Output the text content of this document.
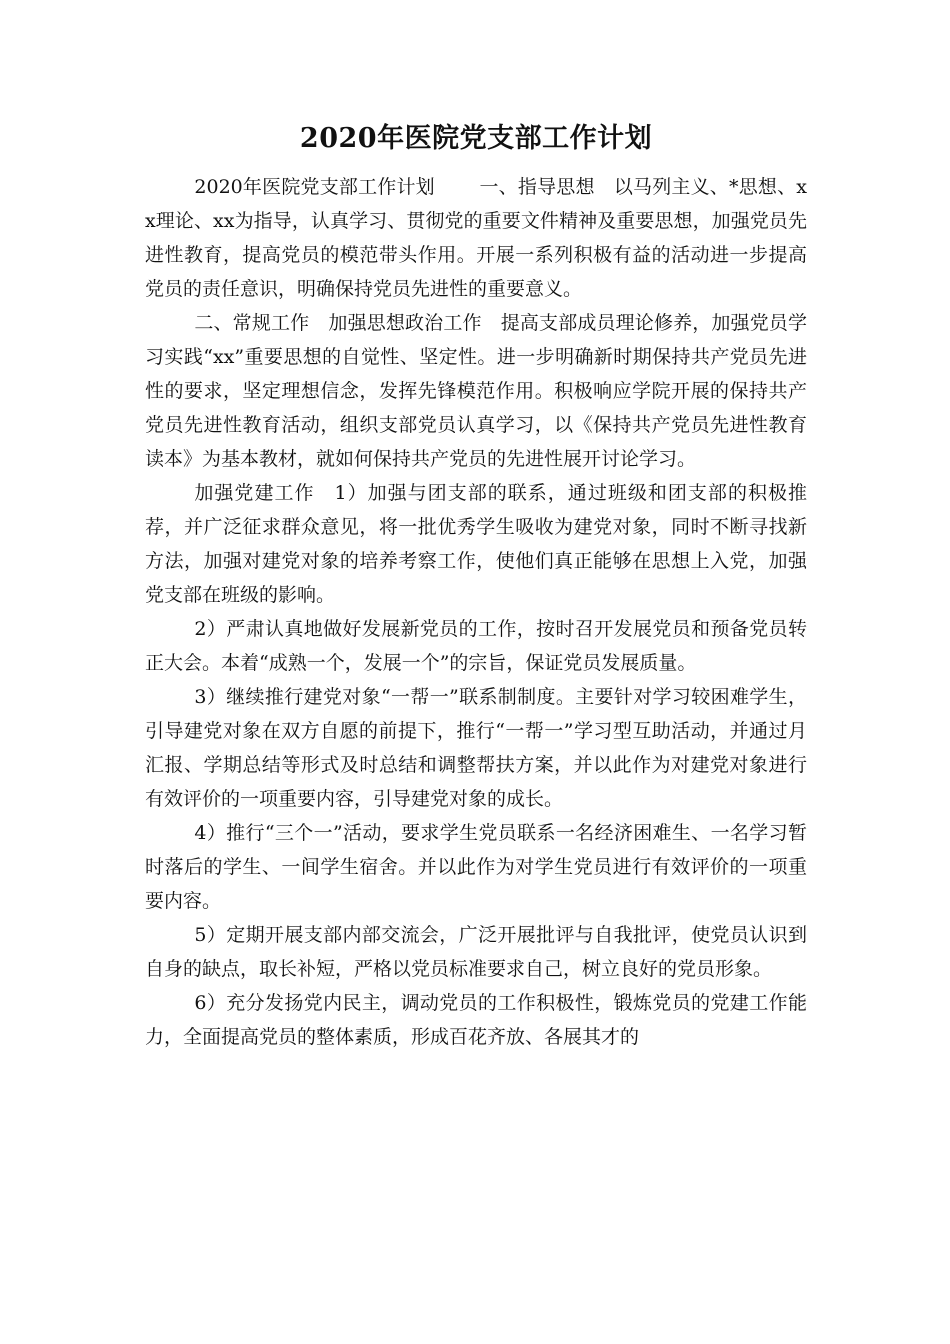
2020年医院党支部工作计划

2020年医院党支部工作计划　　 一、指导思想　以马列主义、*思想、xx理论、xx为指导，认真学习、贯彻党的重要文件精神及重要思想，加强党员先进性教育，提高党员的模范带头作用。开展一系列积极有益的活动进一步提高党员的责任意识，明确保持党员先进性的重要意义。

二、常规工作　加强思想政治工作　提高支部成员理论修养，加强党员学习实践“xx”重要思想的自觉性、坚定性。进一步明确新时期保持共产党员先进性的要求，坚定理想信念，发挥先锋模范作用。积极响应学院开展的保持共产党员先进性教育活动，组织支部党员认真学习，以《保持共产党员先进性教育读本》为基本教材，就如何保持共产党员的先进性展开讨论学习。

加强党建工作　1）加强与团支部的联系，通过班级和团支部的积极推荐，并广泛征求群众意见，将一批优秀学生吸收为建党对象，同时不断寻找新方法，加强对建党对象的培养考察工作，使他们真正能够在思想上入党，加强党支部在班级的影响。

2）严肃认真地做好发展新党员的工作，按时召开发展党员和预备党员转正大会。本着“成熟一个，发展一个”的宗旨，保证党员发展质量。

3）继续推行建党对象“一帮一”联系制制度。主要针对学习较困难学生，引导建党对象在双方自愿的前提下，推行“一帮一”学习型互助活动，并通过月汇报、学期总结等形式及时总结和调整帮扶方案，并以此作为对建党对象进行有效评价的一项重要内容，引导建党对象的成长。

4）推行“三个一”活动，要求学生党员联系一名经济困难生、一名学习暂时落后的学生、一间学生宿舍。并以此作为对学生党员进行有效评价的一项重要内容。

5）定期开展支部内部交流会，广泛开展批评与自我批评，使党员认识到自身的缺点，取长补短，严格以党员标准要求自己，树立良好的党员形象。

6）充分发扬党内民主，调动党员的工作积极性，锻炼党员的党建工作能力，全面提高党员的整体素质，形成百花齐放、各展其才的
